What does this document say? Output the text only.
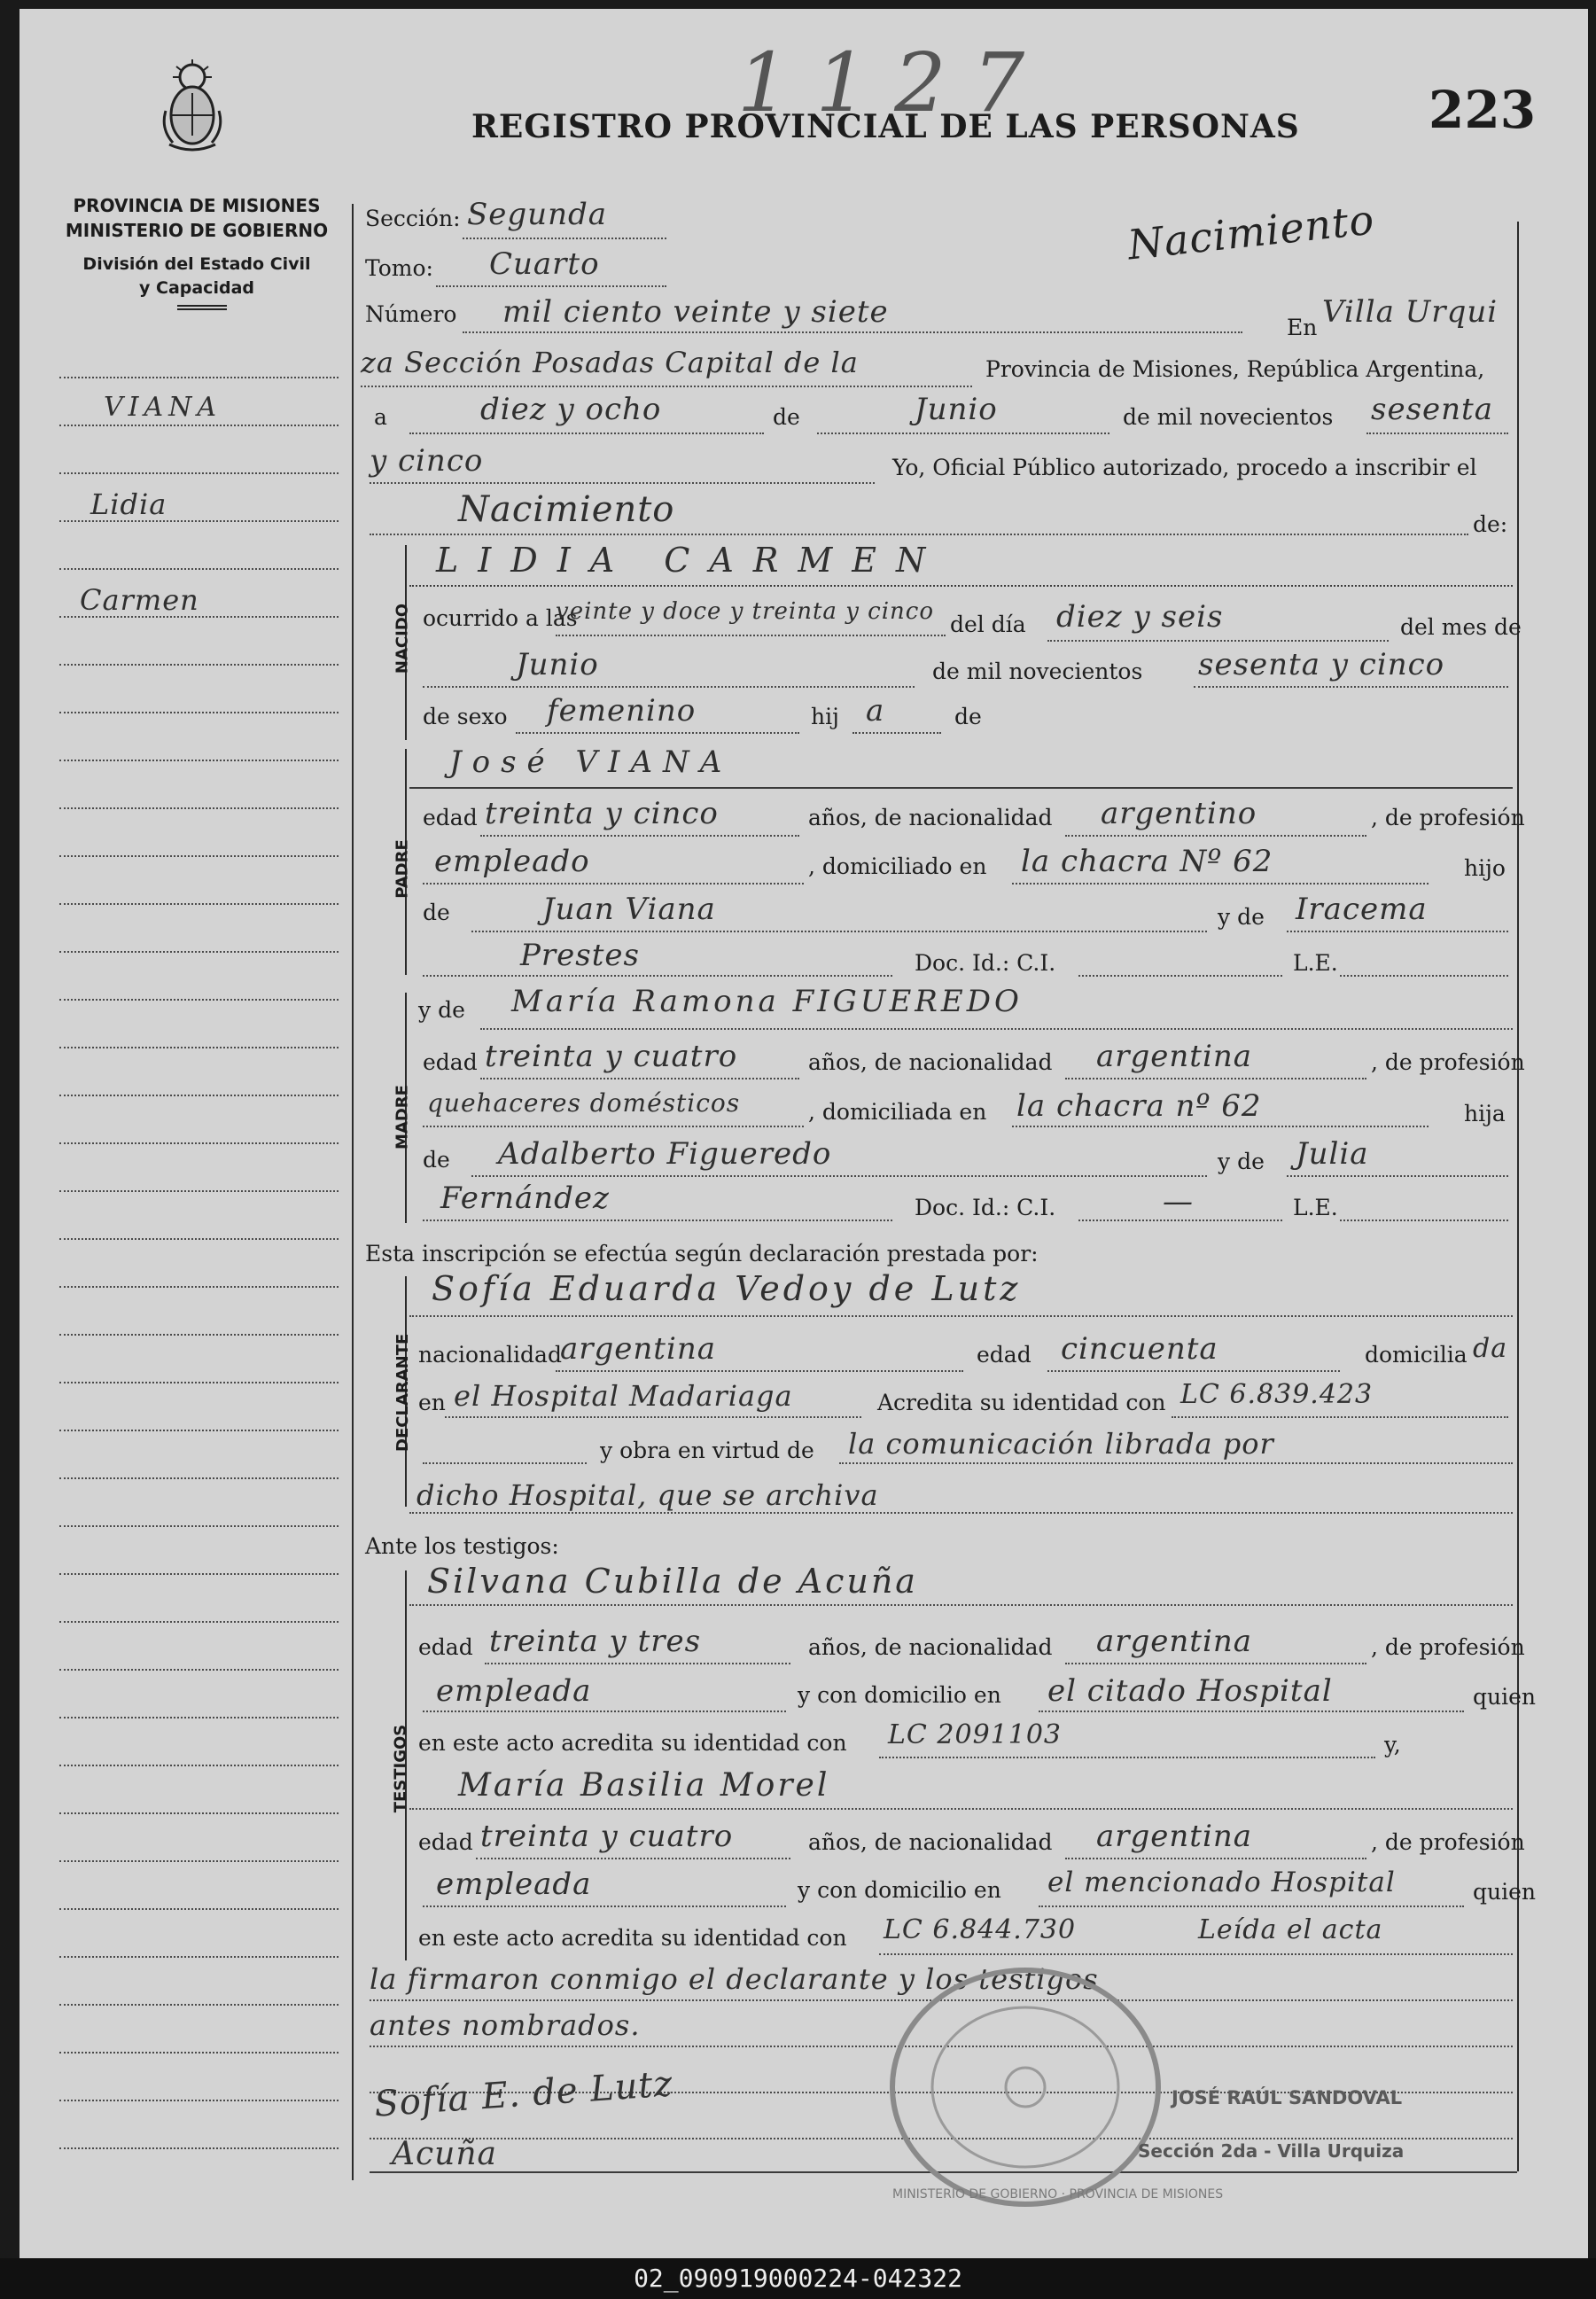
PROVINCIA DE MISIONES
MINISTERIO DE GOBIERNO
División del Estado Civil
y Capacidad
REGISTRO PROVINCIAL DE LAS PERSONAS	223
1127
Nacimiento
VIANA
Lidia
Carmen
Sección: Segunda
Tomo: Cuarto
Número mil ciento veinte y siete	En Villa Urqui
za Sección Posadas Capital de la	Provincia de Misiones, República Argentina,
a	diez y ocho	de	Junio	de mil novecientos sesenta
y cinco	Yo, Oficial Público autorizado, procedo a inscribir el
Nacimiento	de:
NACIDO
LIDIA CARMEN
ocurrido a las
veinte y doce y treinta y cinco del día diez y seis	del mes de
Junio	de mil novecientos sesenta y cinco
de sexo femenino	hij a	de
PADRE
José VIANA
edad treinta y cinco	años, de nacionalidad argentino	, de profesión
empleado	, domiciliado en la chacra Nº 62	hijo
de	Juan Viana	y de Iracema
Prestes	Doc. Id.: C.I.	L.E.
MADRE
y de María Ramona FIGUEREDO
edad treinta y cuatro	años, de nacionalidad argentina	, de profesión
quehaceres domésticos	, domiciliada en la chacra nº 62	hija
de Adalberto Figueredo	y de Julia
Fernández	Doc. Id.: C.I.	—	L.E.
Esta inscripción se efectúa según declaración prestada por:
DECLARANTE
Sofía Eduarda Vedoy de Lutz
nacionalidad
argentina	edad cincuenta	domicilia da
en el Hospital Madariaga	Acredita su identidad con LC 6.839.423
y obra en virtud de la comunicación librada por
dicho Hospital, que se archiva
Ante los testigos:
TESTIGOS
Silvana Cubilla de Acuña
edad treinta y tres	años, de nacionalidad argentina	, de profesión
empleada	y con domicilio en el citado Hospital	quien
en este acto acredita su identidad con LC 2091103	y,
María Basilia Morel
edad treinta y cuatro	años, de nacionalidad argentina	, de profesión
empleada	y con domicilio en el mencionado Hospital	quien
en este acto acredita su identidad con LC 6.844.730	Leída el acta
la firmaron conmigo el declarante y los testigos
antes nombrados.
Sofía E. de Lutz
Acuña
MINISTERIO DE GOBIERNO · PROVINCIA DE MISIONES
JOSÉ RAÚL SANDOVAL
Sección 2da - Villa Urquiza
02_090919000224-042322
